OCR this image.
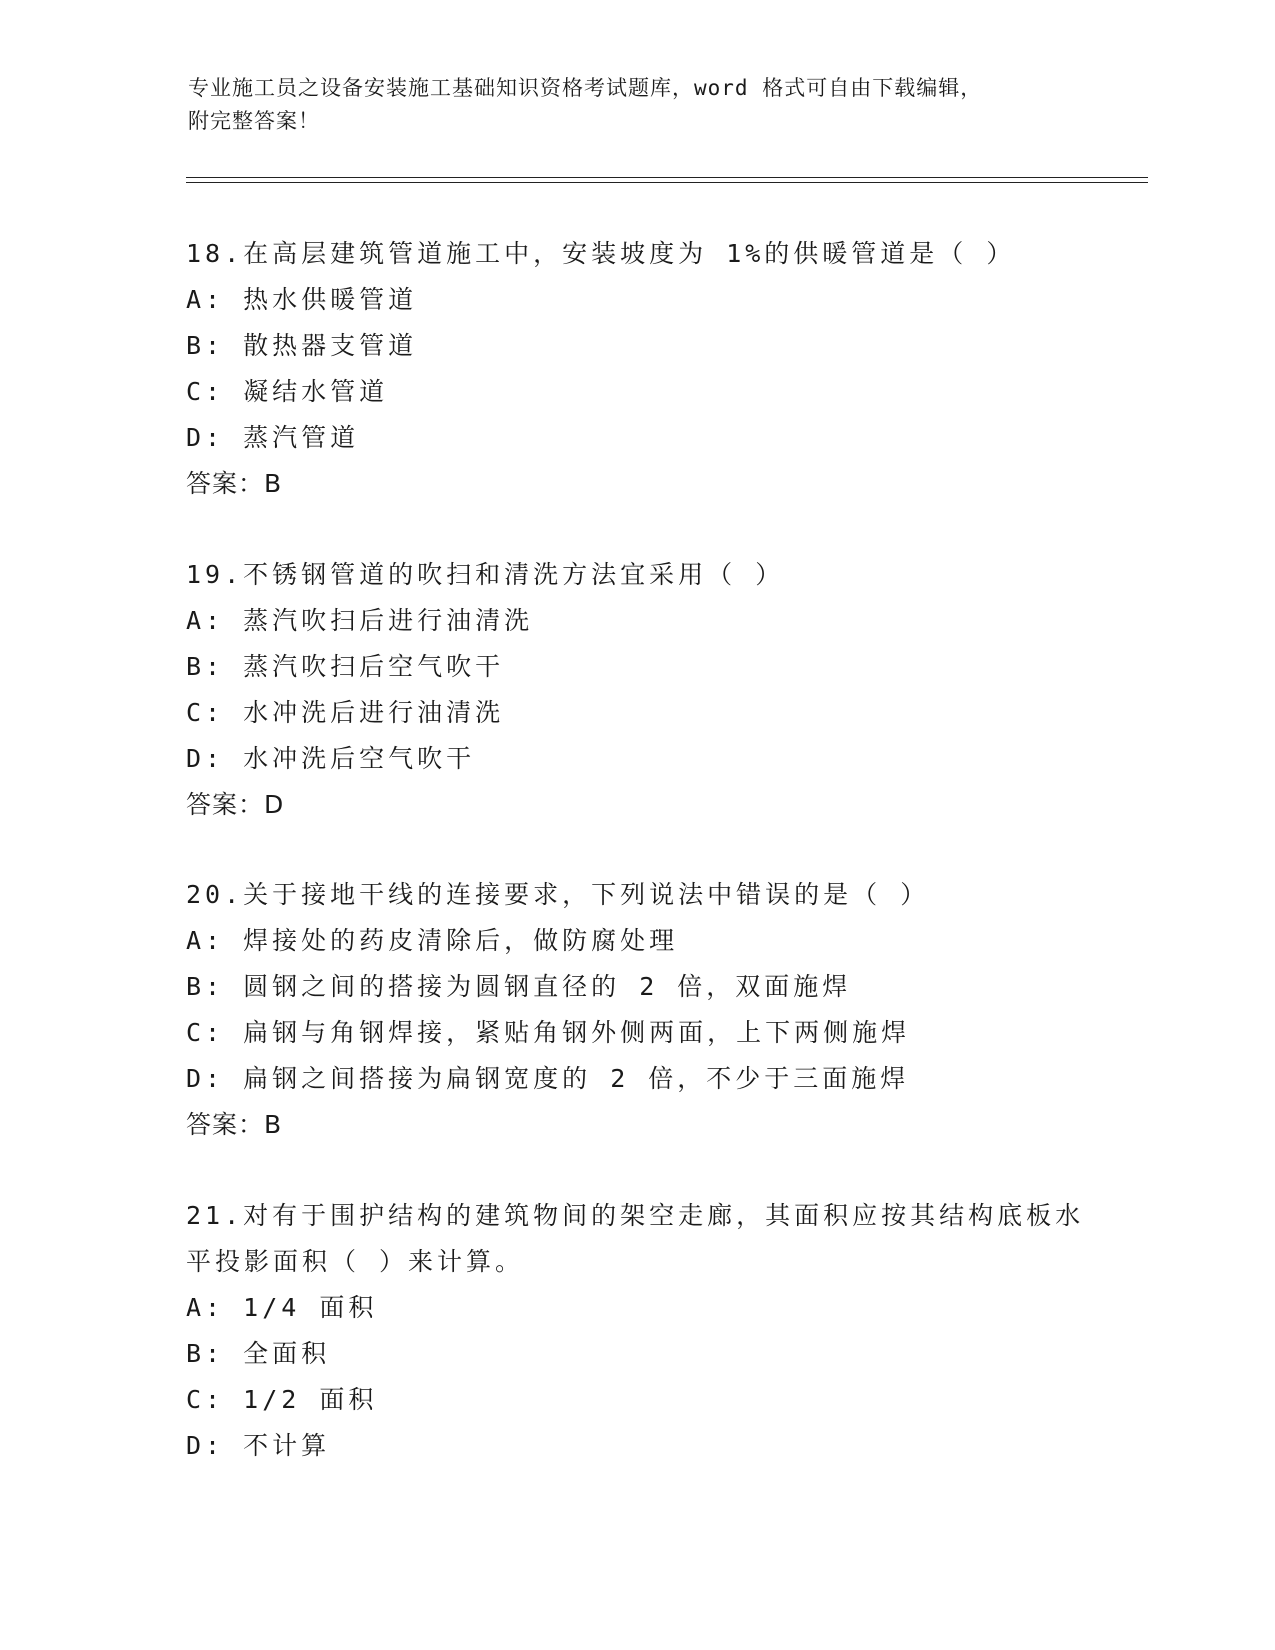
专业施工员之设备安装施工基础知识资格考试题库，word 格式可自由下载编辑，
附完整答案！
18.在高层建筑管道施工中，安装坡度为 1%的供暖管道是（ ）
A: 热水供暖管道
B: 散热器支管道
C: 凝结水管道
D: 蒸汽管道
答案：B
19.不锈钢管道的吹扫和清洗方法宜采用（ ）
A: 蒸汽吹扫后进行油清洗
B: 蒸汽吹扫后空气吹干
C: 水冲洗后进行油清洗
D: 水冲洗后空气吹干
答案：D
20.关于接地干线的连接要求，下列说法中错误的是（ ）
A: 焊接处的药皮清除后，做防腐处理
B: 圆钢之间的搭接为圆钢直径的 2 倍，双面施焊
C: 扁钢与角钢焊接，紧贴角钢外侧两面，上下两侧施焊
D: 扁钢之间搭接为扁钢宽度的 2 倍，不少于三面施焊
答案：B
21.对有于围护结构的建筑物间的架空走廊，其面积应按其结构底板水
平投影面积（ ）来计算。
A: 1/4 面积
B: 全面积
C: 1/2 面积
D: 不计算
